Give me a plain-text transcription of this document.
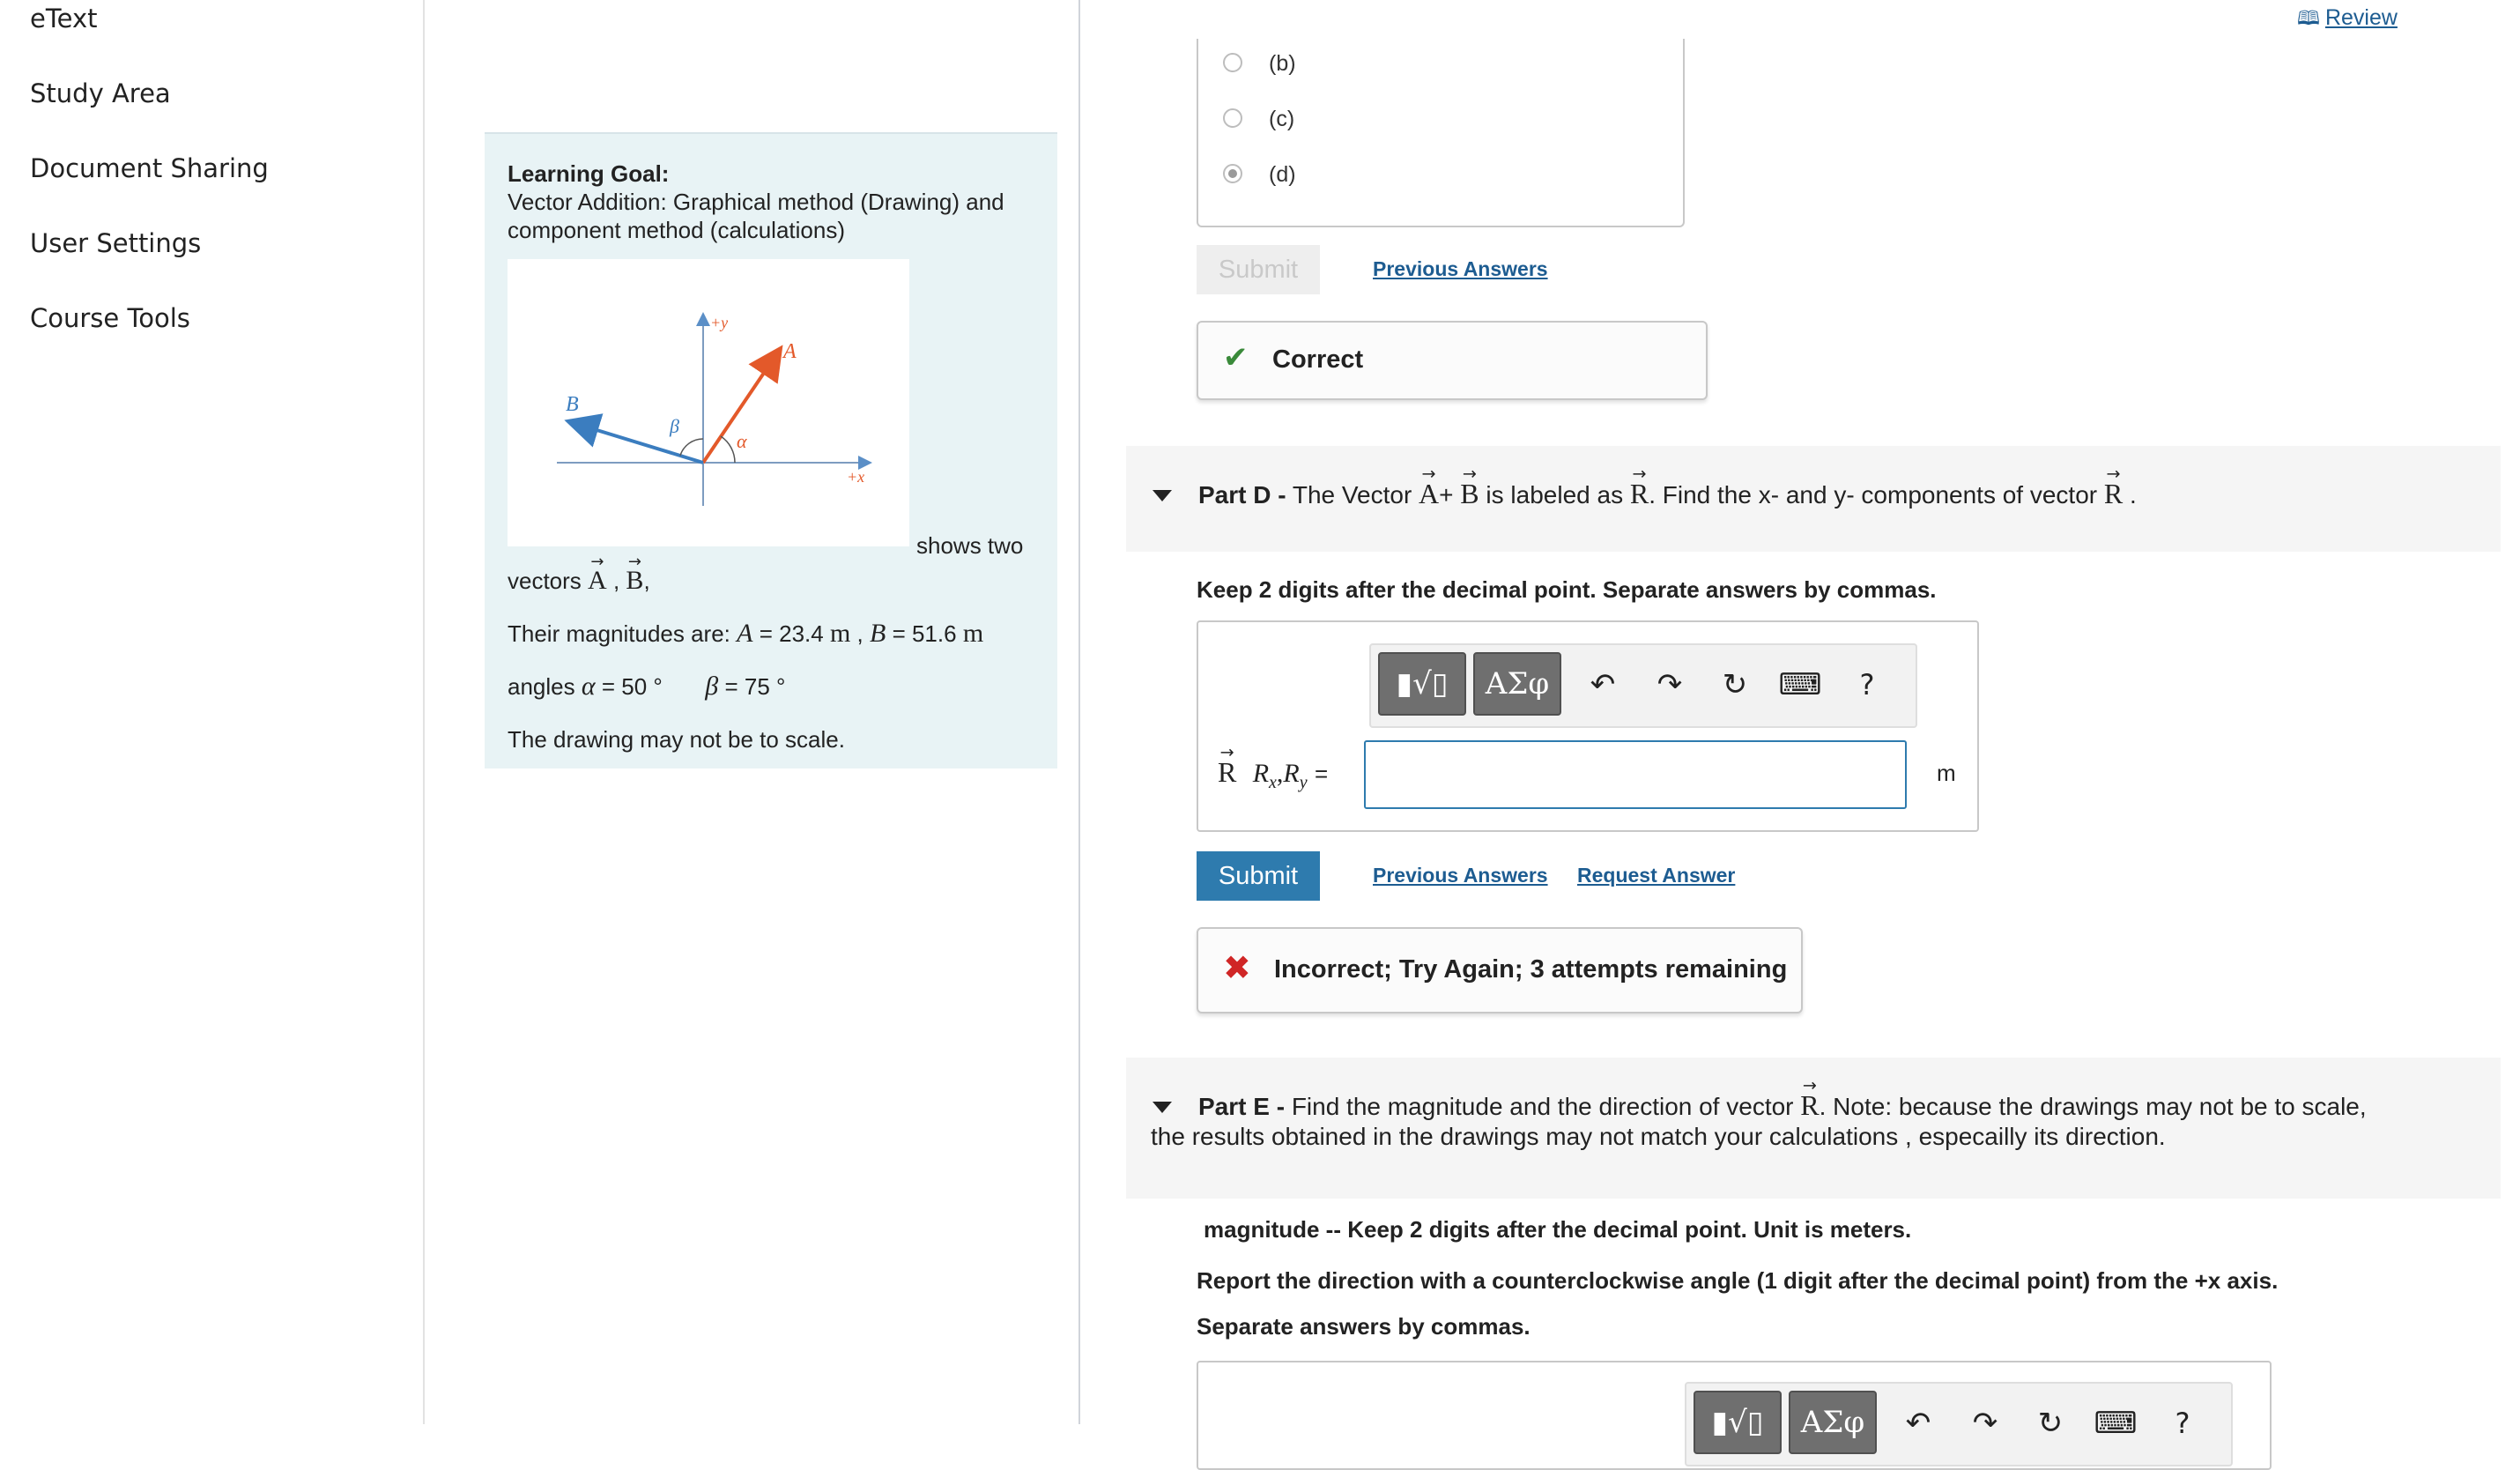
eText
Study Area
Document Sharing
User Settings
Course Tools
Learning Goal:
Vector Addition: Graphical method (Drawing) and
component method (calculations)
+y
+x
A
B
α
β
shows two
vectors → A , → B,
Their magnitudes are: A = 23.4 m , B = 51.6 m
angles α = 50 ° β = 75 °
The drawing may not be to scale.
🕮 Review
(b)
(c)
(d)
Submit	Previous Answers
✔ Correct
Part D - The Vector → A+ → B is labeled as → R. Find the x- and y- components of vector → R .
Keep 2 digits after the decimal point. Separate answers by commas.
▮√▯	ΑΣφ	↶ ↷ ↻ ⌨	?
→ R $R_x,R_y$ =	m
Submit	Previous Answers Request Answer
✖ Incorrect; Try Again; 3 attempts remaining
Part E - Find the magnitude and the direction of vector → R. Note: because the drawings may not be to scale,
the results obtained in the drawings may not match your calculations , especailly its direction.
magnitude -- Keep 2 digits after the decimal point. Unit is meters.
Report the direction with a counterclockwise angle (1 digit after the decimal point) from the +x axis.
Separate answers by commas.
▮√▯	ΑΣφ	↶ ↷ ↻ ⌨	?
